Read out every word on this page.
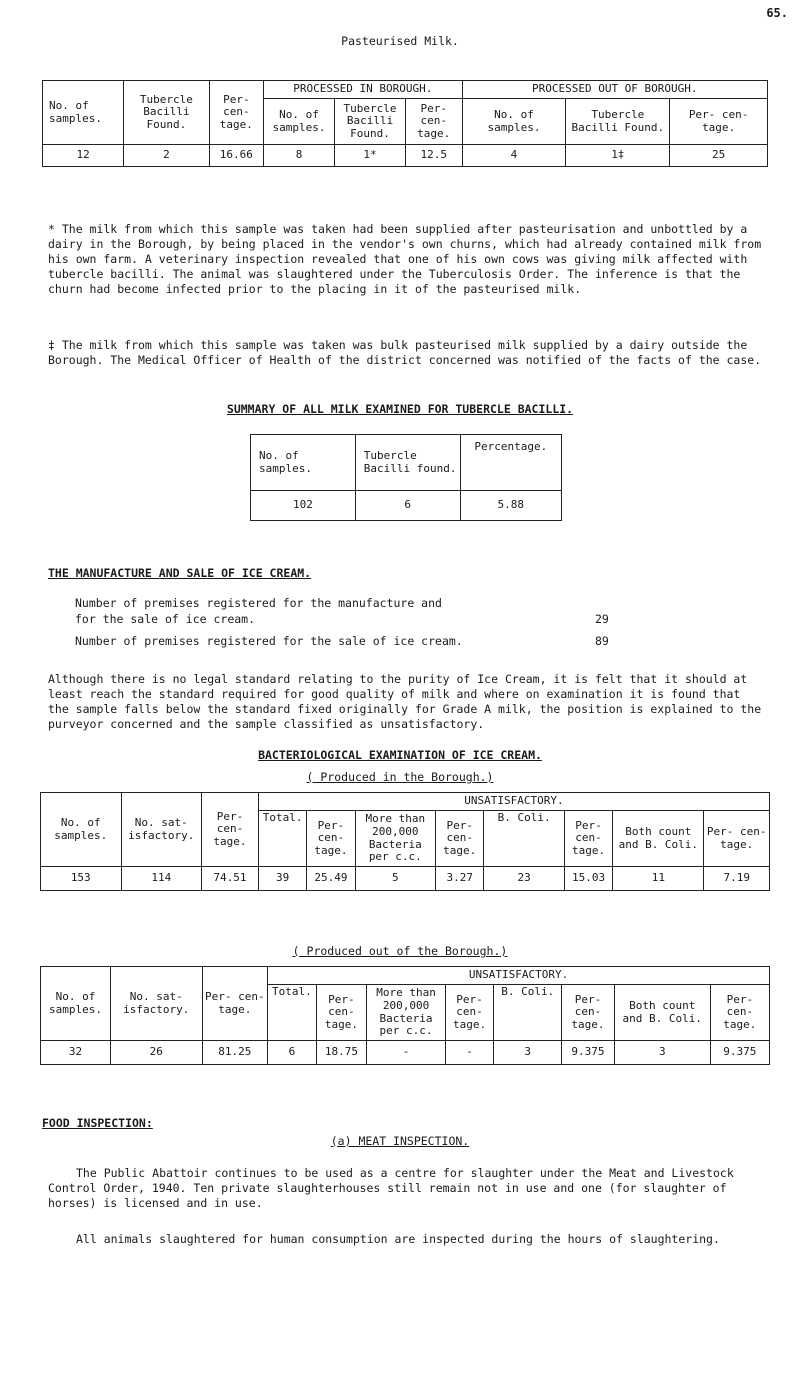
65.
Pasteurised Milk.
No. of samples.	Tubercle Bacilli Found.	Per- cen- tage.	PROCESSED IN BOROUGH.			PROCESSED OUT OF BOROUGH.		
			No. of samples.	Tubercle Bacilli Found.	Per- cen- tage.	No. of samples.	Tubercle Bacilli Found.	Per- cen- tage.
12	2	16.66	8	1*	12.5	4	1‡	25
* The milk from which this sample was taken had been supplied after pasteurisation and unbottled by a dairy in the Borough, by being placed in the vendor's own churns, which had already contained milk from his own farm. A veterinary inspection revealed that one of his own cows was giving milk affected with tubercle bacilli. The animal was slaughtered under the Tuberculosis Order. The inference is that the churn had become infected prior to the placing in it of the pasteurised milk.
‡ The milk from which this sample was taken was bulk pasteurised milk supplied by a dairy outside the Borough. The Medical Officer of Health of the district concerned was notified of the facts of the case.
SUMMARY OF ALL MILK EXAMINED FOR TUBERCLE BACILLI.
No. of samples.	Tubercle Bacilli found.	Percentage.
102	6	5.88
THE MANUFACTURE AND SALE OF ICE CREAM.
Number of premises registered for the manufacture and
for the sale of ice cream.	29
Number of premises registered for the sale of ice cream.	89
Although there is no legal standard relating to the purity of Ice Cream, it is felt that it should at least reach the standard required for good quality of milk and where on examination it is found that the sample falls below the standard fixed originally for Grade A milk, the position is explained to the purveyor concerned and the sample classified as unsatisfactory.
BACTERIOLOGICAL EXAMINATION OF ICE CREAM.
( Produced in the Borough.)
No. of samples.	No. sat- isfactory.	Per- cen- tage.	UNSATISFACTORY.							
			Total.	Per- cen- tage.	More than 200,000 Bacteria per c.c.	Per- cen- tage.	B. Coli.	Per- cen- tage.	Both count and B. Coli.	Per- cen- tage.
153	114	74.51	39	25.49	5	3.27	23	15.03	11	7.19
( Produced out of the Borough.)
No. of samples.	No. sat- isfactory.	Per- cen- tage.	UNSATISFACTORY.							
			Total.	Per- cen- tage.	More than 200,000 Bacteria per c.c.	Per- cen- tage.	B. Coli.	Per- cen- tage.	Both count and B. Coli.	Per- cen- tage.
32	26	81.25	6	18.75	-	-	3	9.375	3	9.375
FOOD INSPECTION:
(a) MEAT INSPECTION.
The Public Abattoir continues to be used as a centre for slaughter under the Meat and Livestock Control Order, 1940. Ten private slaughterhouses still remain not in use and one (for slaughter of horses) is licensed and in use.
All animals slaughtered for human consumption are inspected during the hours of slaughtering.
